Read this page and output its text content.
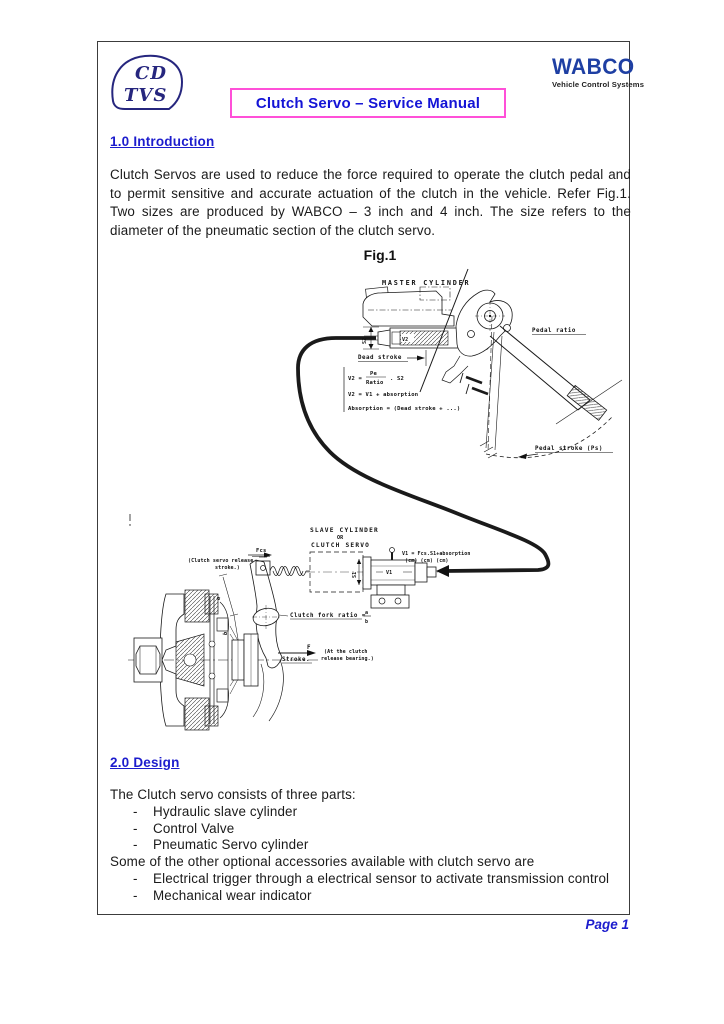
CD
TVS	Clutch Servo – Service Manual
WABCO
Vehicle Control Systems
1.0 Introduction
Clutch Servos are used to reduce the force required to operate the clutch pedal and
to permit sensitive and accurate actuation of the clutch in the vehicle. Refer Fig.1.
Two sizes are produced by WABCO – 3 inch and 4 inch. The size refers to the
diameter of the pneumatic section of the clutch servo.
Fig.1
MASTER CYLINDER
Pedal ratio
Dead stroke
S2	V2
V2 =
Pe
Ratio
. S2
V2 = V1 + absorption
Absorption = (Dead stroke + ...)
Pedal stroke (Ps)
SLAVE CYLINDER
OR
CLUTCH SERVO
V1 = Fcs.S1+absorption
(cm) (cm) (cm)
Fcs
(Clutch servo release
stroke.)
S1	V1
Clutch fork ratio = a
b
a
b
F
Stroke.
(At the clutch
release bearing.)
2.0 Design
The Clutch servo consists of three parts:
-	Hydraulic slave cylinder
-	Control Valve
-	Pneumatic Servo cylinder
Some of the other optional accessories available with clutch servo are
-	Electrical trigger through a electrical sensor to activate transmission control
-	Mechanical wear indicator
Page 1
